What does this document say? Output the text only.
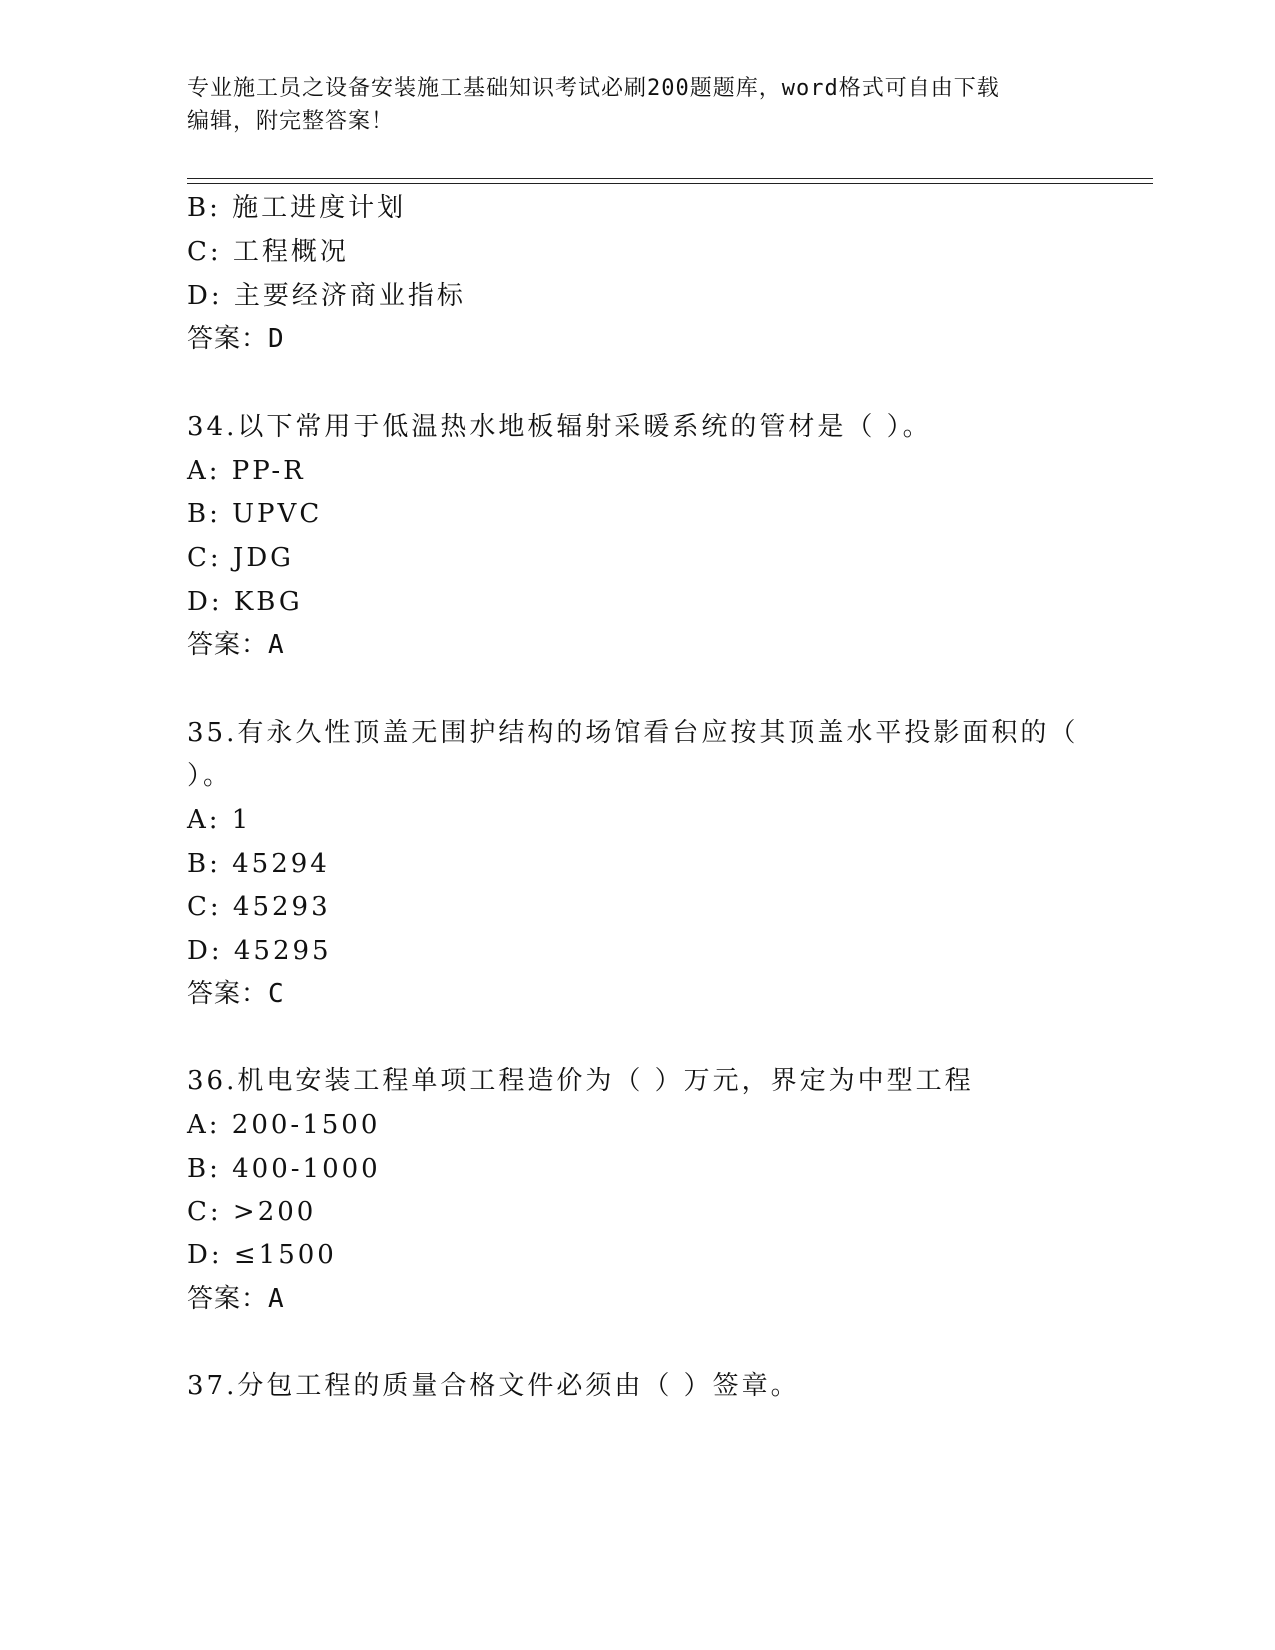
专业施工员之设备安装施工基础知识考试必刷200题题库，word格式可自由下载
编辑，附完整答案！
B: 施工进度计划
C: 工程概况
D: 主要经济商业指标
答案：D
34.以下常用于低温热水地板辐射采暖系统的管材是（ ）。
A: PP-R
B: UPVC
C: JDG
D: KBG
答案：A
35.有永久性顶盖无围护结构的场馆看台应按其顶盖水平投影面积的（
）。
A: 1
B: 45294
C: 45293
D: 45295
答案：C
36.机电安装工程单项工程造价为（ ）万元，界定为中型工程
A: 200-1500
B: 400-1000
C: >200
D: ≤1500
答案：A
37.分包工程的质量合格文件必须由（ ）签章。
